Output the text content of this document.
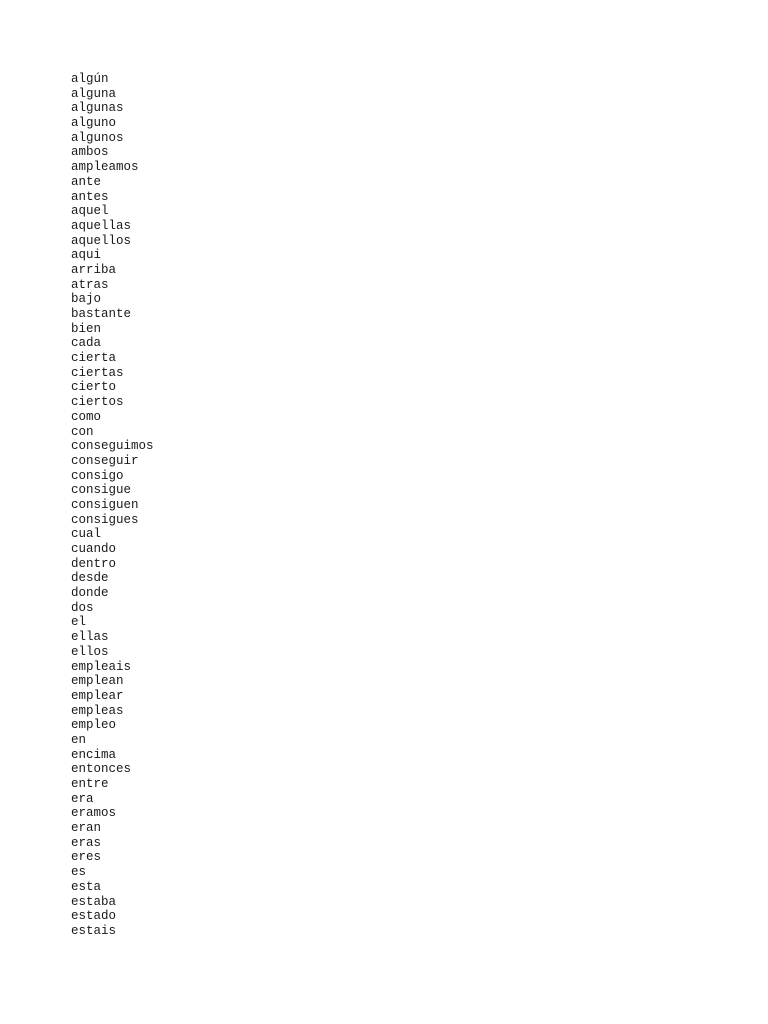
algún
alguna
algunas
alguno
algunos
ambos
ampleamos
ante
antes
aquel
aquellas
aquellos
aqui
arriba
atras
bajo
bastante
bien
cada
cierta
ciertas
cierto
ciertos
como
con
conseguimos
conseguir
consigo
consigue
consiguen
consigues
cual
cuando
dentro
desde
donde
dos
el
ellas
ellos
empleais
emplean
emplear
empleas
empleo
en
encima
entonces
entre
era
eramos
eran
eras
eres
es
esta
estaba
estado
estais
